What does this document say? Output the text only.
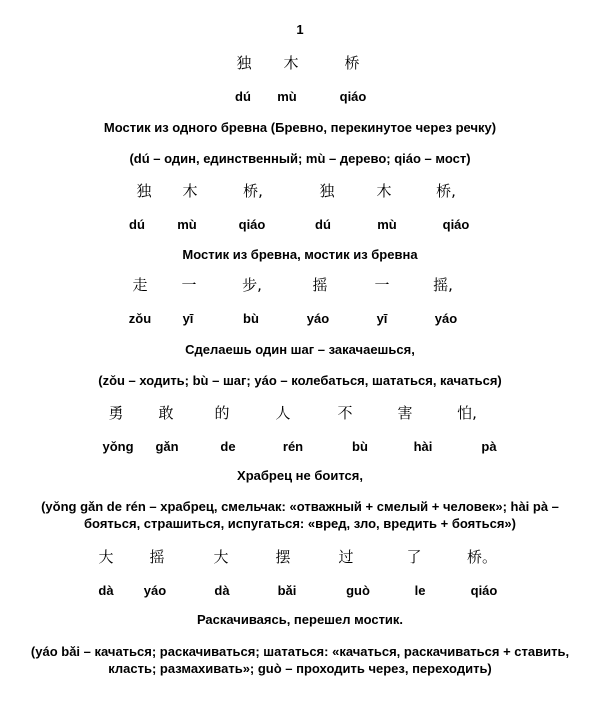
1
独 木	桥
dú mù	qiáo
Мостик из одного бревна (Бревно, перекинутое через речку)
(dú – один, единственный; mù – дерево; qiáo – мост)
独 木	桥,	独	木	桥,
dú mù	qiáo	dú	mù	qiáo
Мостик из бревна, мостик из бревна
走 一	步,	摇	一	摇,
zǒu yī	bù	yáo	yī	yáo
Сделаешь один шаг – закачаешься,
(zǒu – ходить; bù – шаг; yáo – колебаться, шататься, качаться)
勇 敢	的	人	不	害	怕,
yǒng gǎn	de	rén	bù	hài	pà
Храбрец не боится,
(yǒng gǎn de rén – храбрец, смельчак: «отважный + смелый + человек»; hài pà –
бояться, страшиться, испугаться: «вред, зло, вредить + бояться»)
大 摇	大	摆	过	了	桥。
dà yáo	dà	bǎi	guò	le	qiáo
Раскачиваясь, перешел мостик.
(yáo bǎi – качаться; раскачиваться; шататься: «качаться, раскачиваться + ставить,
класть; размахивать»; guò – проходить через, переходить)
